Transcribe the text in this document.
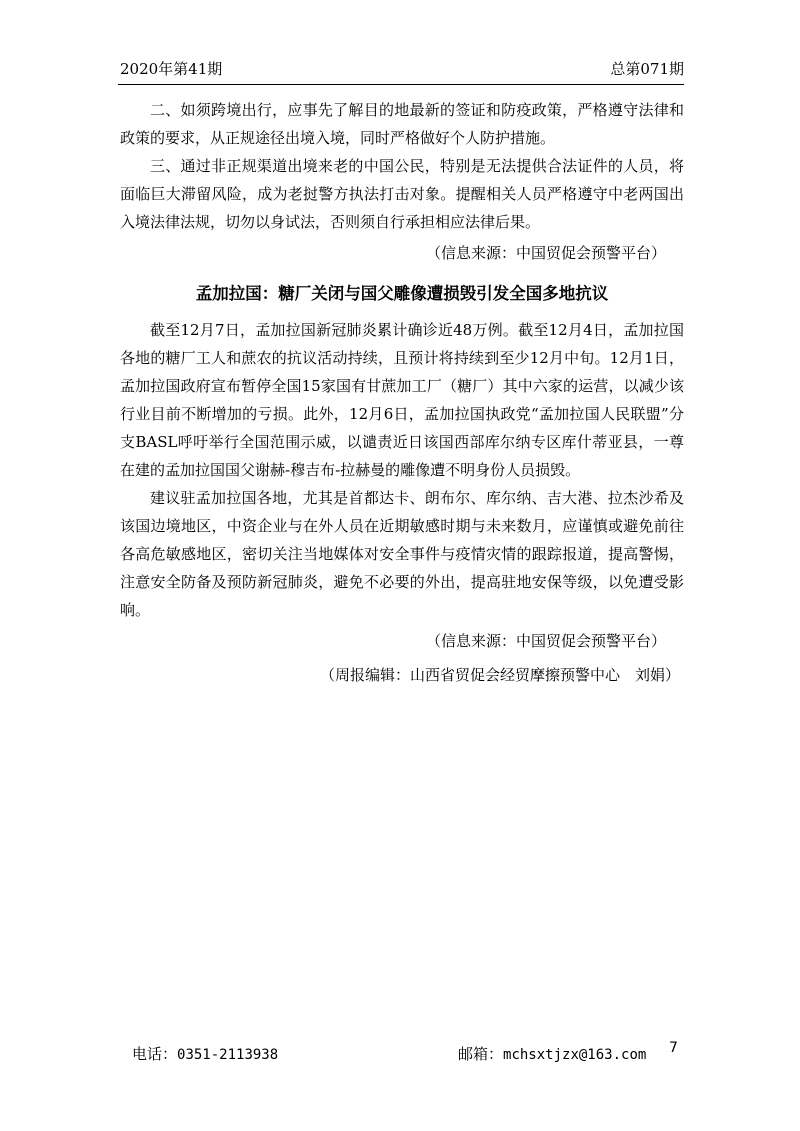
2020年第41期	总第071期

二、如须跨境出行，应事先了解目的地最新的签证和防疫政策，严格遵守法律和政策的要求，从正规途径出境入境，同时严格做好个人防护措施。

三、通过非正规渠道出境来老的中国公民，特别是无法提供合法证件的人员，将面临巨大滞留风险，成为老挝警方执法打击对象。提醒相关人员严格遵守中老两国出入境法律法规，切勿以身试法，否则须自行承担相应法律后果。

（信息来源：中国贸促会预警平台）

孟加拉国：糖厂关闭与国父雕像遭损毁引发全国多地抗议

截至12月7日，孟加拉国新冠肺炎累计确诊近48万例。截至12月4日，孟加拉国各地的糖厂工人和蔗农的抗议活动持续，且预计将持续到至少12月中旬。12月1日，孟加拉国政府宣布暂停全国15家国有甘蔗加工厂（糖厂）其中六家的运营，以减少该行业目前不断增加的亏损。此外，12月6日，孟加拉国执政党“孟加拉国人民联盟”分支BASL呼吁举行全国范围示威，以谴责近日该国西部库尔纳专区库什蒂亚县，一尊在建的孟加拉国国父谢赫-穆吉布-拉赫曼的雕像遭不明身份人员损毁。

建议驻孟加拉国各地，尤其是首都达卡、朗布尔、库尔纳、吉大港、拉杰沙希及该国边境地区，中资企业与在外人员在近期敏感时期与未来数月，应谨慎或避免前往各高危敏感地区，密切关注当地媒体对安全事件与疫情灾情的跟踪报道，提高警惕，注意安全防备及预防新冠肺炎，避免不必要的外出，提高驻地安保等级，以免遭受影响。

（信息来源：中国贸促会预警平台）

（周报编辑：山西省贸促会经贸摩擦预警中心　刘娟）

电话：0351-2113938	邮箱：mchsxtjzx@163.com 7
